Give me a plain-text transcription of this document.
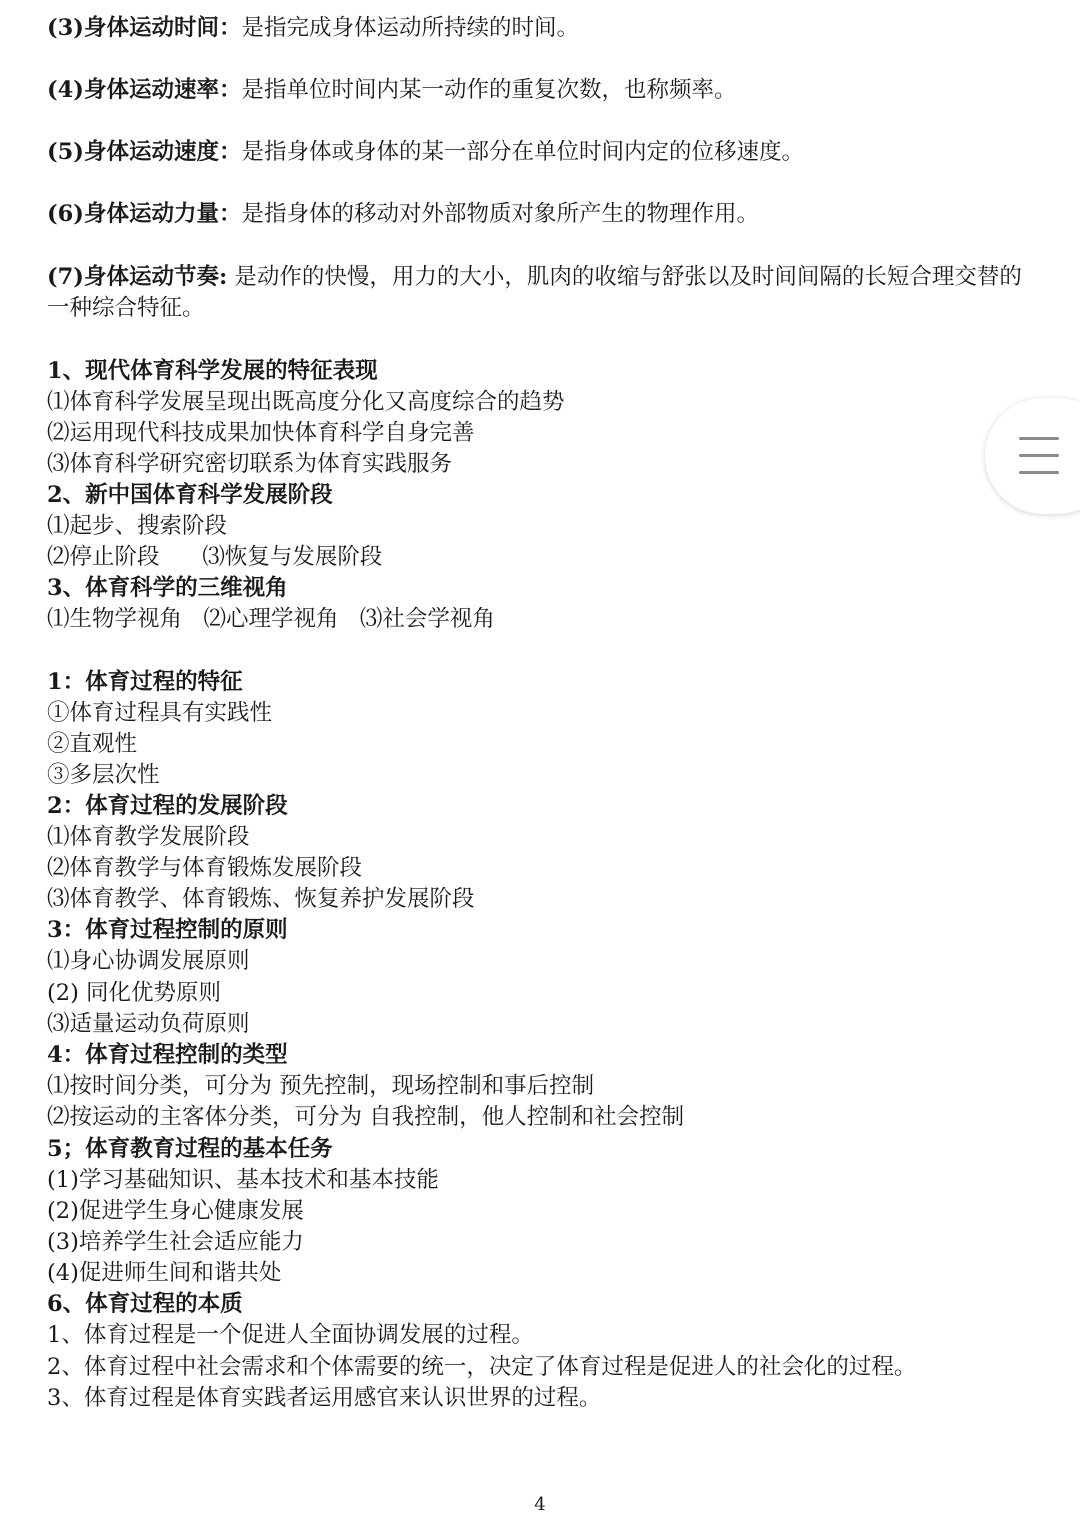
(3)身体运动时间：是指完成身体运动所持续的时间。
(4)身体运动速率：是指单位时间内某一动作的重复次数，也称频率。
(5)身体运动速度：是指身体或身体的某一部分在单位时间内定的位移速度。
(6)身体运动力量：是指身体的移动对外部物质对象所产生的物理作用。
(7)身体运动节奏: 是动作的快慢，用力的大小，肌肉的收缩与舒张以及时间间隔的长短合理交替的一种综合特征。
1、现代体育科学发展的特征表现
⑴体育科学发展呈现出既高度分化又高度综合的趋势
⑵运用现代科技成果加快体育科学自身完善
⑶体育科学研究密切联系为体育实践服务
2、新中国体育科学发展阶段
⑴起步、搜索阶段
⑵停止阶段      ⑶恢复与发展阶段
3、体育科学的三维视角
⑴生物学视角   ⑵心理学视角   ⑶社会学视角
1：体育过程的特征
①体育过程具有实践性
②直观性
③多层次性
2：体育过程的发展阶段
⑴体育教学发展阶段
⑵体育教学与体育锻炼发展阶段
⑶体育教学、体育锻炼、恢复养护发展阶段
3：体育过程控制的原则
⑴身心协调发展原则
(2) 同化优势原则
⑶适量运动负荷原则
4：体育过程控制的类型
⑴按时间分类，可分为 预先控制，现场控制和事后控制
⑵按运动的主客体分类，可分为 自我控制，他人控制和社会控制
5；体育教育过程的基本任务
(1)学习基础知识、基本技术和基本技能
(2)促进学生身心健康发展
(3)培养学生社会适应能力
(4)促进师生间和谐共处
6、体育过程的本质
1、体育过程是一个促进人全面协调发展的过程。
2、体育过程中社会需求和个体需要的统一，决定了体育过程是促进人的社会化的过程。
3、体育过程是体育实践者运用感官来认识世界的过程。
4
